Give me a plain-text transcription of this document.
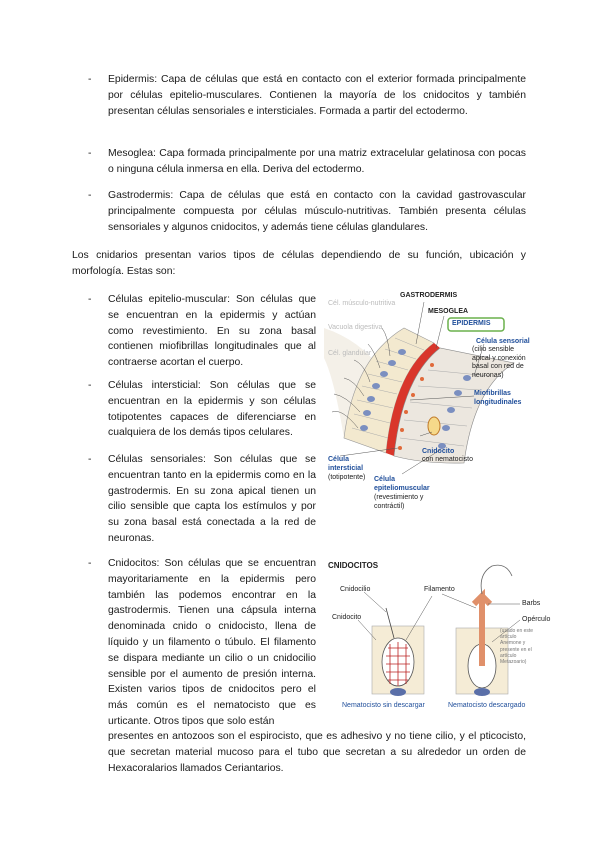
- Epidermis: Capa de células que está en contacto con el exterior formada principalmente por células epitelio-musculares. Contienen la mayoría de los cnidocitos y también presentan células sensoriales e intersticiales. Formada a partir del ectodermo.
- Mesoglea: Capa formada principalmente por una matriz extracelular gelatinosa con pocas o ninguna célula inmersa en ella. Deriva del ectodermo.
- Gastrodermis: Capa de células que está en contacto con la cavidad gastrovascular principalmente compuesta por células músculo-nutritivas. También presenta células sensoriales y algunos cnidocitos, y además tiene células glandulares.
Los cnidarios presentan varios tipos de células dependiendo de su función, ubicación y morfología. Estas son:
- Células epitelio-muscular: Son células que se encuentran en la epidermis y actúan como revestimiento. En su zona basal contienen miofibrillas longitudinales que al contraerse acortan el cuerpo.
- Células intersticial: Son células que se encuentran en la epidermis y son células totipotentes capaces de diferenciarse en cualquiera de los demás tipos celulares.
- Células sensoriales: Son células que se encuentran tanto en la epidermis como en la gastrodermis. En su zona apical tienen un cilio sensible que capta los estímulos y por su zona basal está conectada a la red de neuronas.
- Cnidocitos: Son células que se encuentran mayoritariamente en la epidermis pero también las podemos encontrar en la gastrodermis. Tienen una cápsula interna denominada cnido o cnidocisto, llena de líquido y un filamento o túbulo. El filamento se dispara mediante un cilio o un cnidocilio sensible por el aumento de presión interna. Existen varios tipos de cnidocitos pero el más común es el nematocisto que es urticante. Otros tipos que solo están
presentes en antozoos son el espirocisto, que es adhesivo y no tiene cilio, y el pticocisto, que secretan material mucoso para el tubo que secretan a su alrededor un orden de Hexacoralarios llamados Ceriantarios.
Cél. músculo-nutritiva
Vacuola digestiva
Cél. glandular
GASTRODERMIS
MESOGLEA
EPIDERMIS
Célula sensorial
(cilio sensible apical y conexión basal con red de neuronas)
Miofibrillas longitudinales
Cnidocito
con nematocisto
Célula intersticial
(totipotente) Célula epiteliomuscular
(revestimiento y contráctil)
CNIDOCITOS
Cnidocilio
Cnidocito
Filamento
Barbs
Opérculo
(usado en este artículo Anemone y presente en el artículo Metazoario)
Nematocisto sin descargar	Nematocisto descargado
